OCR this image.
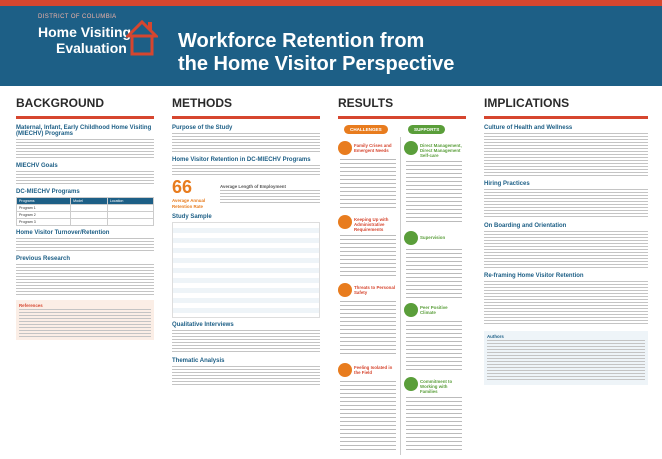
DISTRICT OF COLUMBIA
Home Visiting
Evaluation	Workforce Retention from
the Home Visitor Perspective
BACKGROUND
Maternal, Infant, Early Childhood Home Visiting (MIECHV) Programs
MIECHV Goals
DC-MIECHV Programs
Programs	Model	Location
Program 1		
Program 2		
Program 3		
Home Visitor Turnover/Retention
Previous Research
References
METHODS
Purpose of the Study
Home Visitor Retention in DC-MIECHV Programs
66
Average Annual Retention Rate
Average Length of Employment
Study Sample
Qualitative Interviews
Thematic Analysis
RESULTS
CHALLENGES	SUPPORTS
Family Crises and Emergent Needs
Keeping Up with Administrative Requirements
Threats to Personal Safety
Feeling Isolated in the Field
Direct Management, Direct Management Self-care
Supervision
Peer Positive Climate
Commitment to Working with Families
IMPLICATIONS
Culture of Health and Wellness
Hiring Practices
On Boarding and Orientation
Re-framing Home Visitor Retention
Authors
